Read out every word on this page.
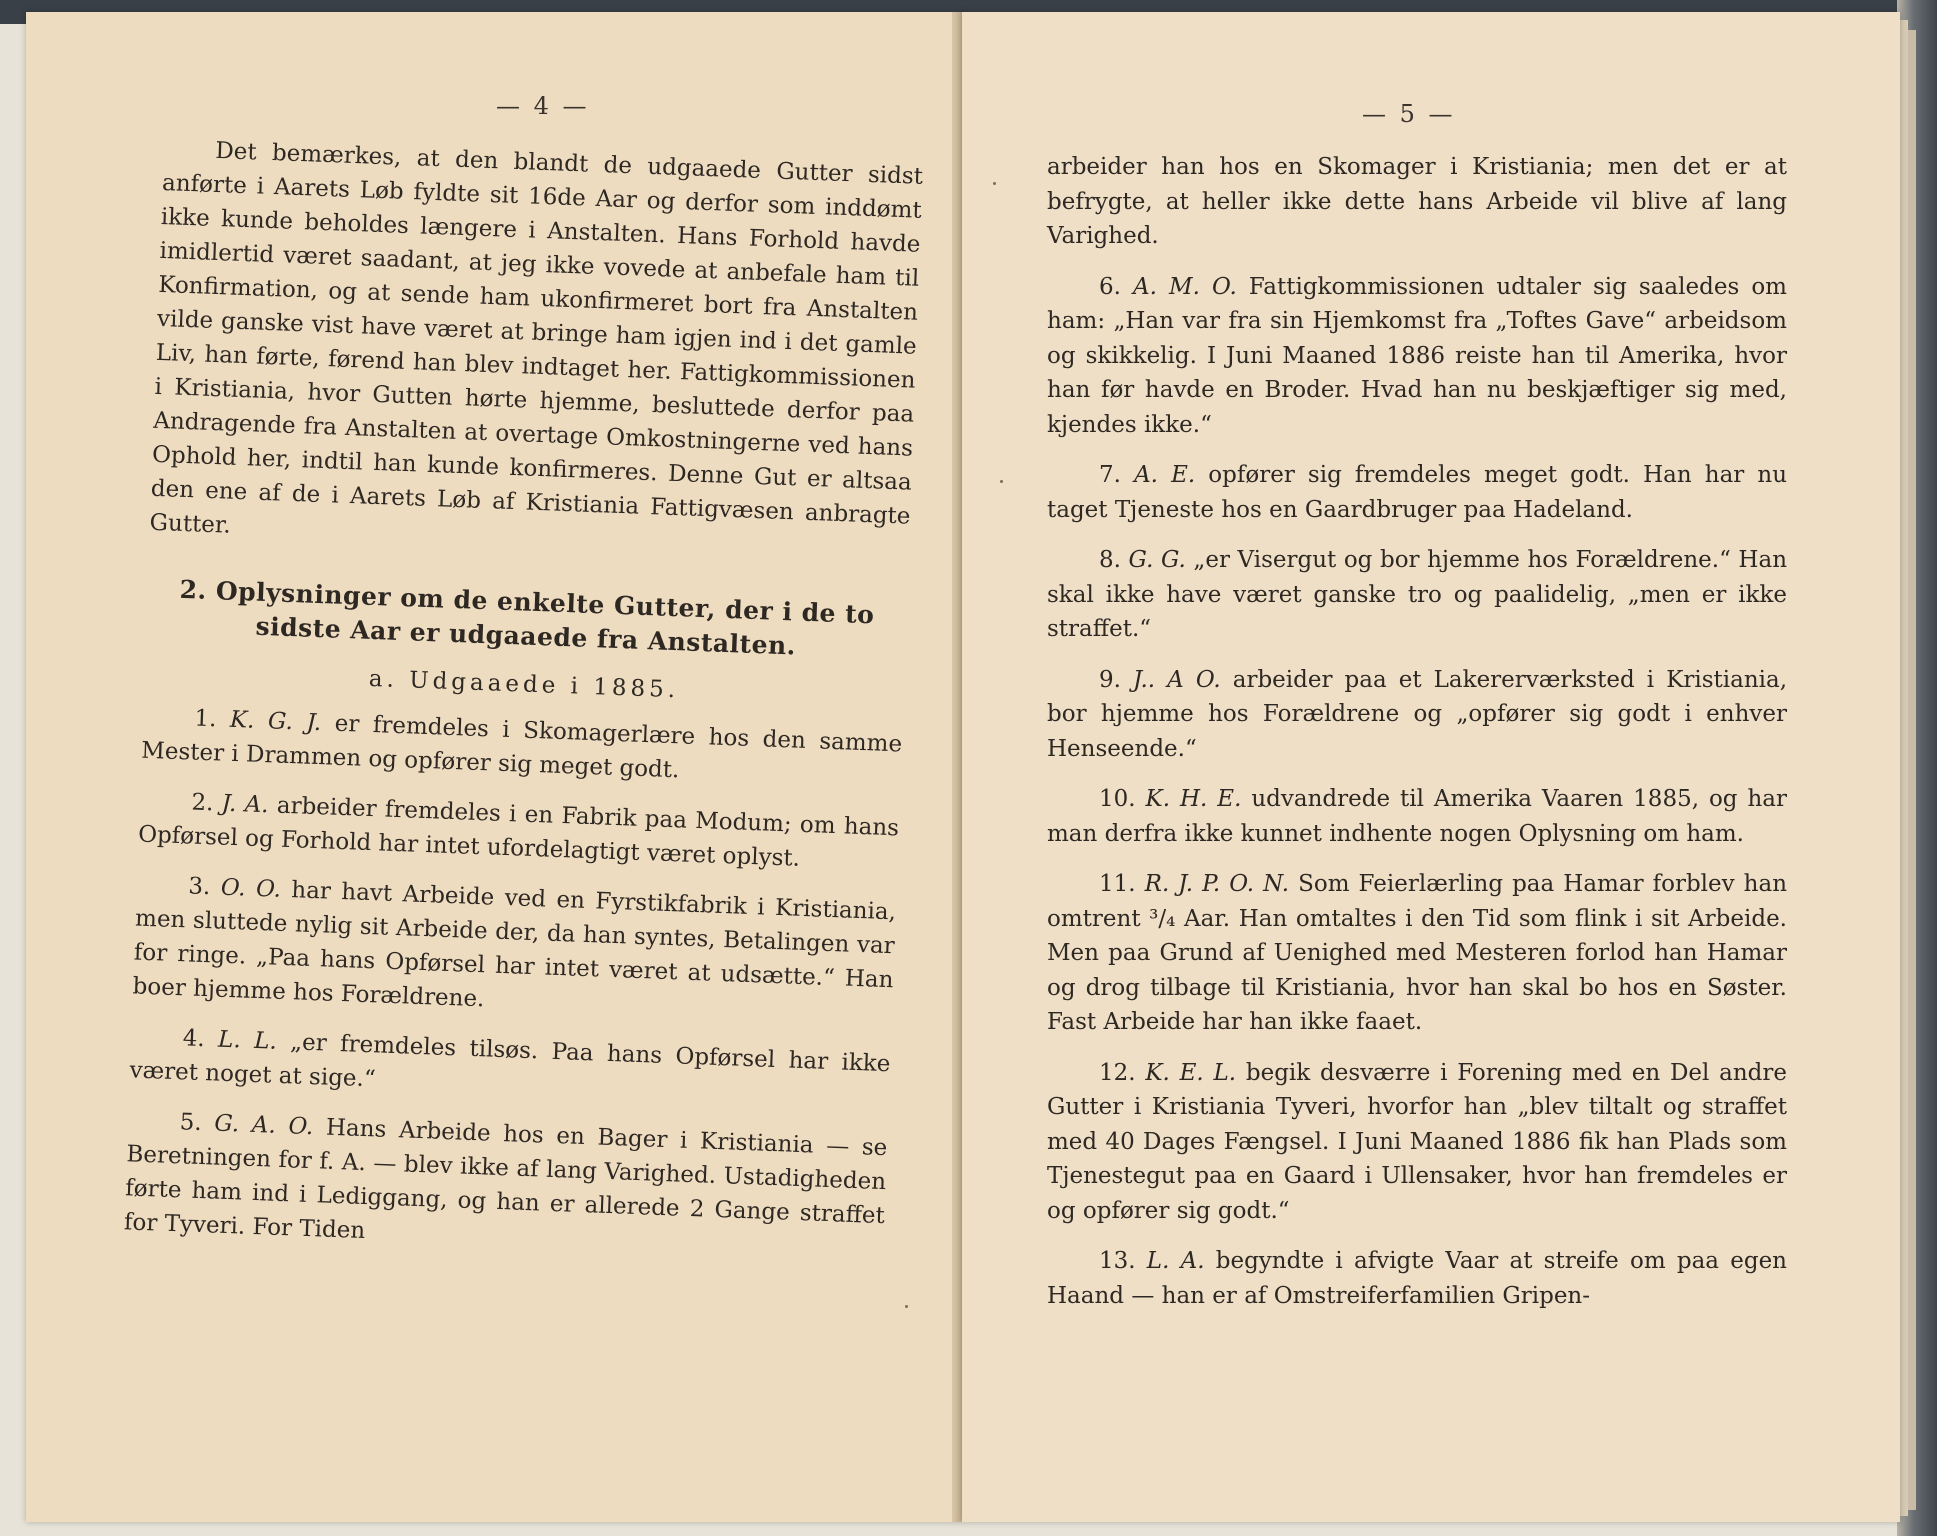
— 4 —

Det bemærkes, at den blandt de udgaaede Gutter sidst anførte i Aarets Løb fyldte sit 16de Aar og derfor som inddømt ikke kunde beholdes længere i Anstalten. Hans Forhold havde imidlertid været saadant, at jeg ikke vovede at anbefale ham til Konfirmation, og at sende ham ukonfirmeret bort fra Anstalten vilde ganske vist have været at bringe ham igjen ind i det gamle Liv, han førte, førend han blev indtaget her. Fattigkommissionen i Kristiania, hvor Gutten hørte hjemme, besluttede derfor paa Andragende fra Anstalten at overtage Omkostningerne ved hans Ophold her, indtil han kunde konfirmeres. Denne Gut er altsaa den ene af de i Aarets Løb af Kristiania Fattigvæsen anbragte Gutter.

2. Oplysninger om de enkelte Gutter, der i de to sidste Aar er udgaaede fra Anstalten.
a. Udgaaede i 1885.

1. K. G. J. er fremdeles i Skomagerlære hos den samme Mester i Drammen og opfører sig meget godt.

2. J. A. arbeider fremdeles i en Fabrik paa Modum; om hans Opførsel og Forhold har intet ufordelagtigt været oplyst.

3. O. O. har havt Arbeide ved en Fyrstikfabrik i Kristiania, men sluttede nylig sit Arbeide der, da han syntes, Betalingen var for ringe. „Paa hans Opførsel har intet været at udsætte.“ Han boer hjemme hos Forældrene.

4. L. L. „er fremdeles tilsøs. Paa hans Opførsel har ikke været noget at sige.“

5. G. A. O. Hans Arbeide hos en Bager i Kristiania — se Beretningen for f. A. — blev ikke af lang Varighed. Ustadigheden førte ham ind i Lediggang, og han er allerede 2 Gange straffet for Tyveri. For Tiden

— 5 —

arbeider han hos en Skomager i Kristiania; men det er at befrygte, at heller ikke dette hans Arbeide vil blive af lang Varighed.

6. A. M. O. Fattigkommissionen udtaler sig saaledes om ham: „Han var fra sin Hjemkomst fra „Toftes Gave“ arbeidsom og skikkelig. I Juni Maaned 1886 reiste han til Amerika, hvor han før havde en Broder. Hvad han nu beskjæftiger sig med, kjendes ikke.“

7. A. E. opfører sig fremdeles meget godt. Han har nu taget Tjeneste hos en Gaardbruger paa Hadeland.

8. G. G. „er Visergut og bor hjemme hos Forældrene.“ Han skal ikke have været ganske tro og paalidelig, „men er ikke straffet.“

9. J.. A O. arbeider paa et Lakererværksted i Kristiania, bor hjemme hos Forældrene og „opfører sig godt i enhver Henseende.“

10. K. H. E. udvandrede til Amerika Vaaren 1885, og har man derfra ikke kunnet indhente nogen Oplysning om ham.

11. R. J. P. O. N. Som Feierlærling paa Hamar forblev han omtrent ³/₄ Aar. Han omtaltes i den Tid som flink i sit Arbeide. Men paa Grund af Uenighed med Mesteren forlod han Hamar og drog tilbage til Kristiania, hvor han skal bo hos en Søster. Fast Arbeide har han ikke faaet.

12. K. E. L. begik desværre i Forening med en Del andre Gutter i Kristiania Tyveri, hvorfor han „blev tiltalt og straffet med 40 Dages Fængsel. I Juni Maaned 1886 fik han Plads som Tjenestegut paa en Gaard i Ullensaker, hvor han fremdeles er og opfører sig godt.“

13. L. A. begyndte i afvigte Vaar at streife om paa egen Haand — han er af Omstreiferfamilien Gripen-
